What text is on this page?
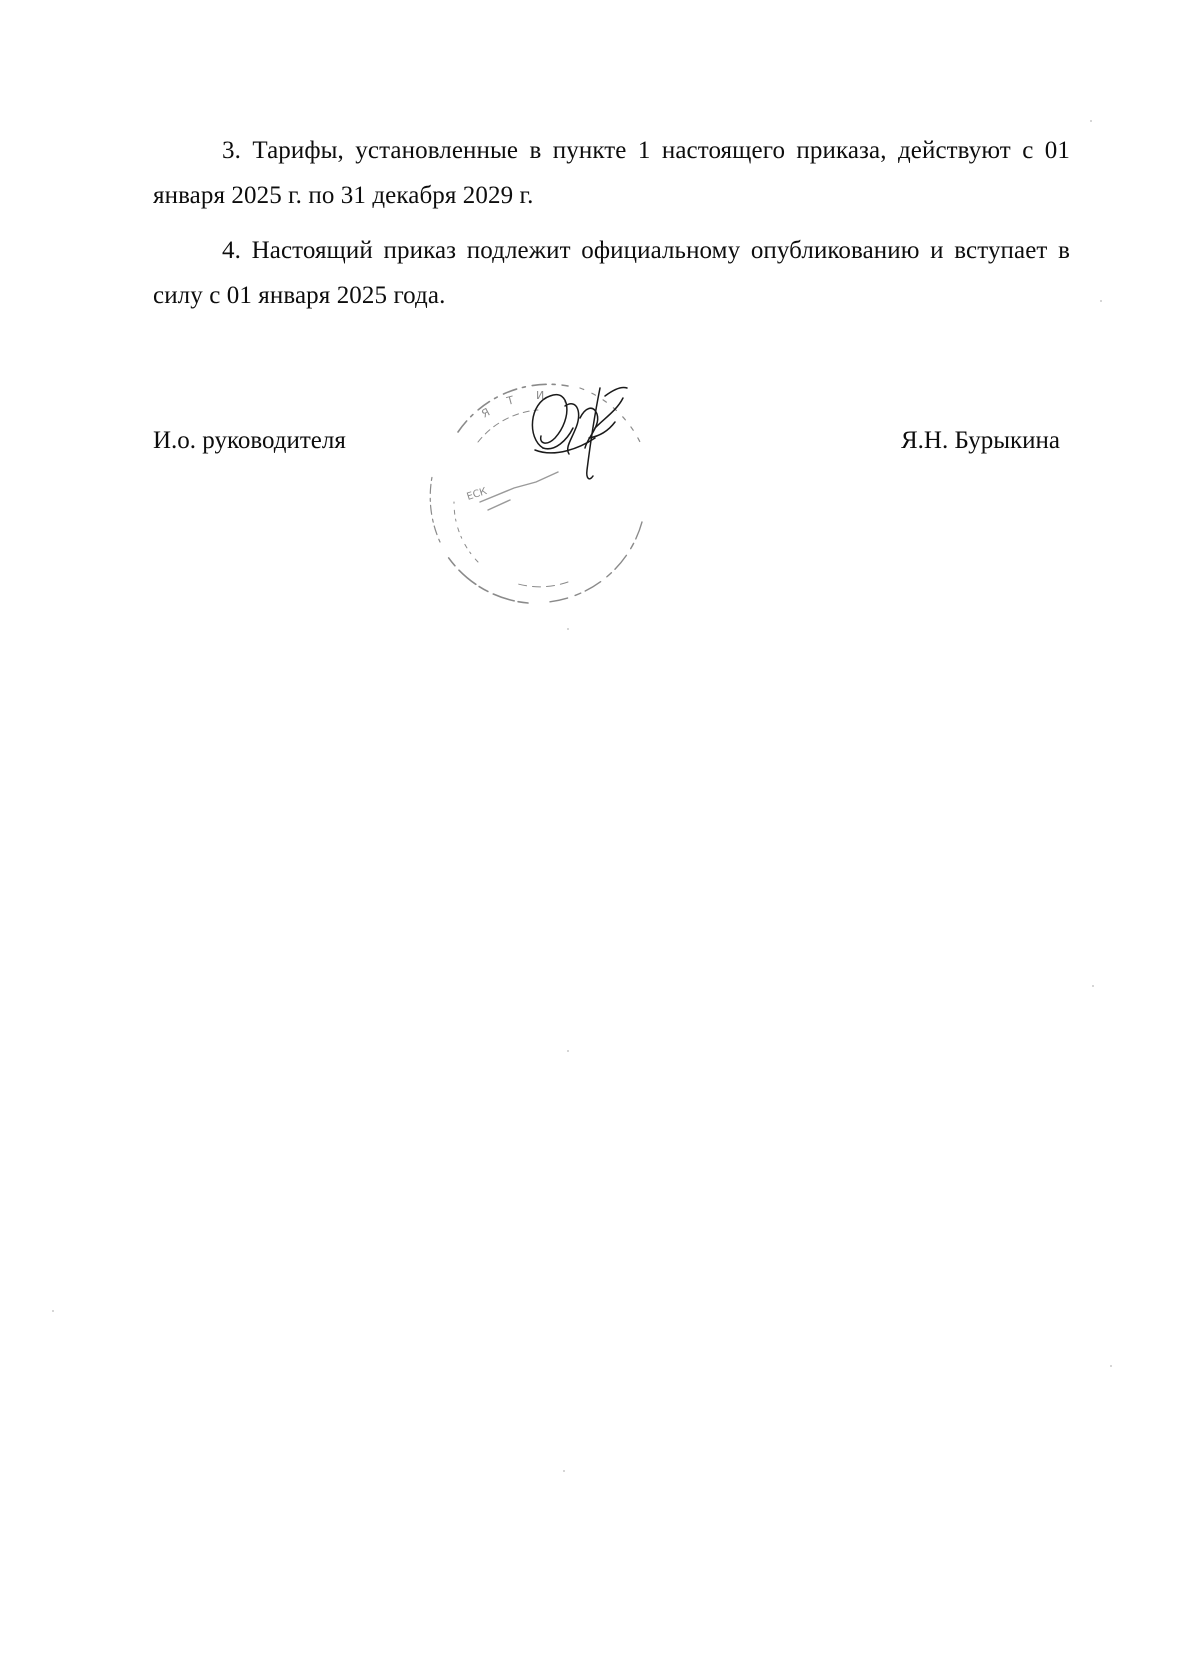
3. Тарифы, установленные в пункте 1 настоящего приказа, действуют с 01 января 2025 г. по 31 декабря 2029 г.

4. Настоящий приказ подлежит официальному опубликованию и вступает в силу с 01 января 2025 года.

И.о. руководителя	Я.Н. Бурыкина
Я
Т И .
ЕСК
